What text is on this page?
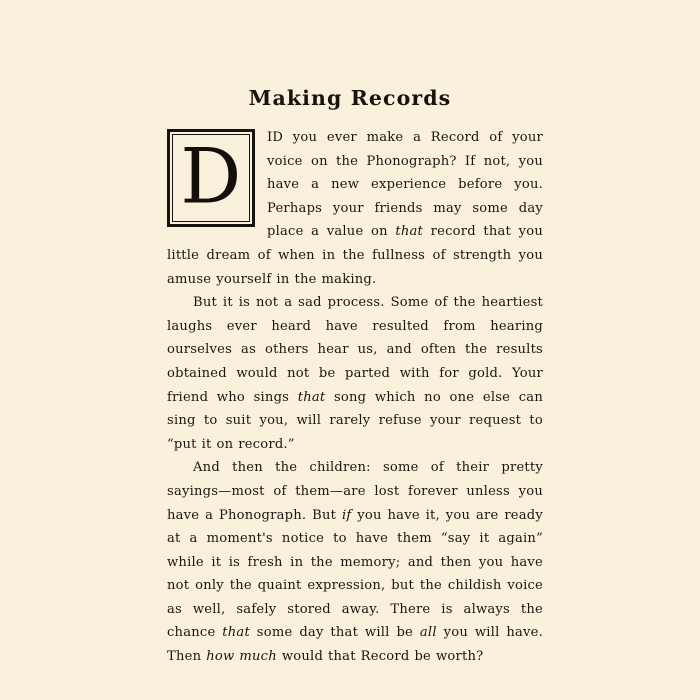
Making Records
D	ID you ever make a Record of your voice on the Phonograph? If not, you have a new experience before you. Perhaps your friends may some day place a value on that record that you little dream of when in the fullness of strength you amuse yourself in the making.

But it is not a sad process. Some of the heartiest laughs ever heard have resulted from hearing ourselves as others hear us, and often the results obtained would not be parted with for gold. Your friend who sings that song which no one else can sing to suit you, will rarely refuse your request to “put it on record.”

And then the children: some of their pretty sayings—most of them—are lost forever unless you have a Phonograph. But if you have it, you are ready at a moment's notice to have them “say it again” while it is fresh in the memory; and then you have not only the quaint expression, but the childish voice as well, safely stored away. There is always the chance that some day that will be all you will have. Then how much would that Record be worth?
